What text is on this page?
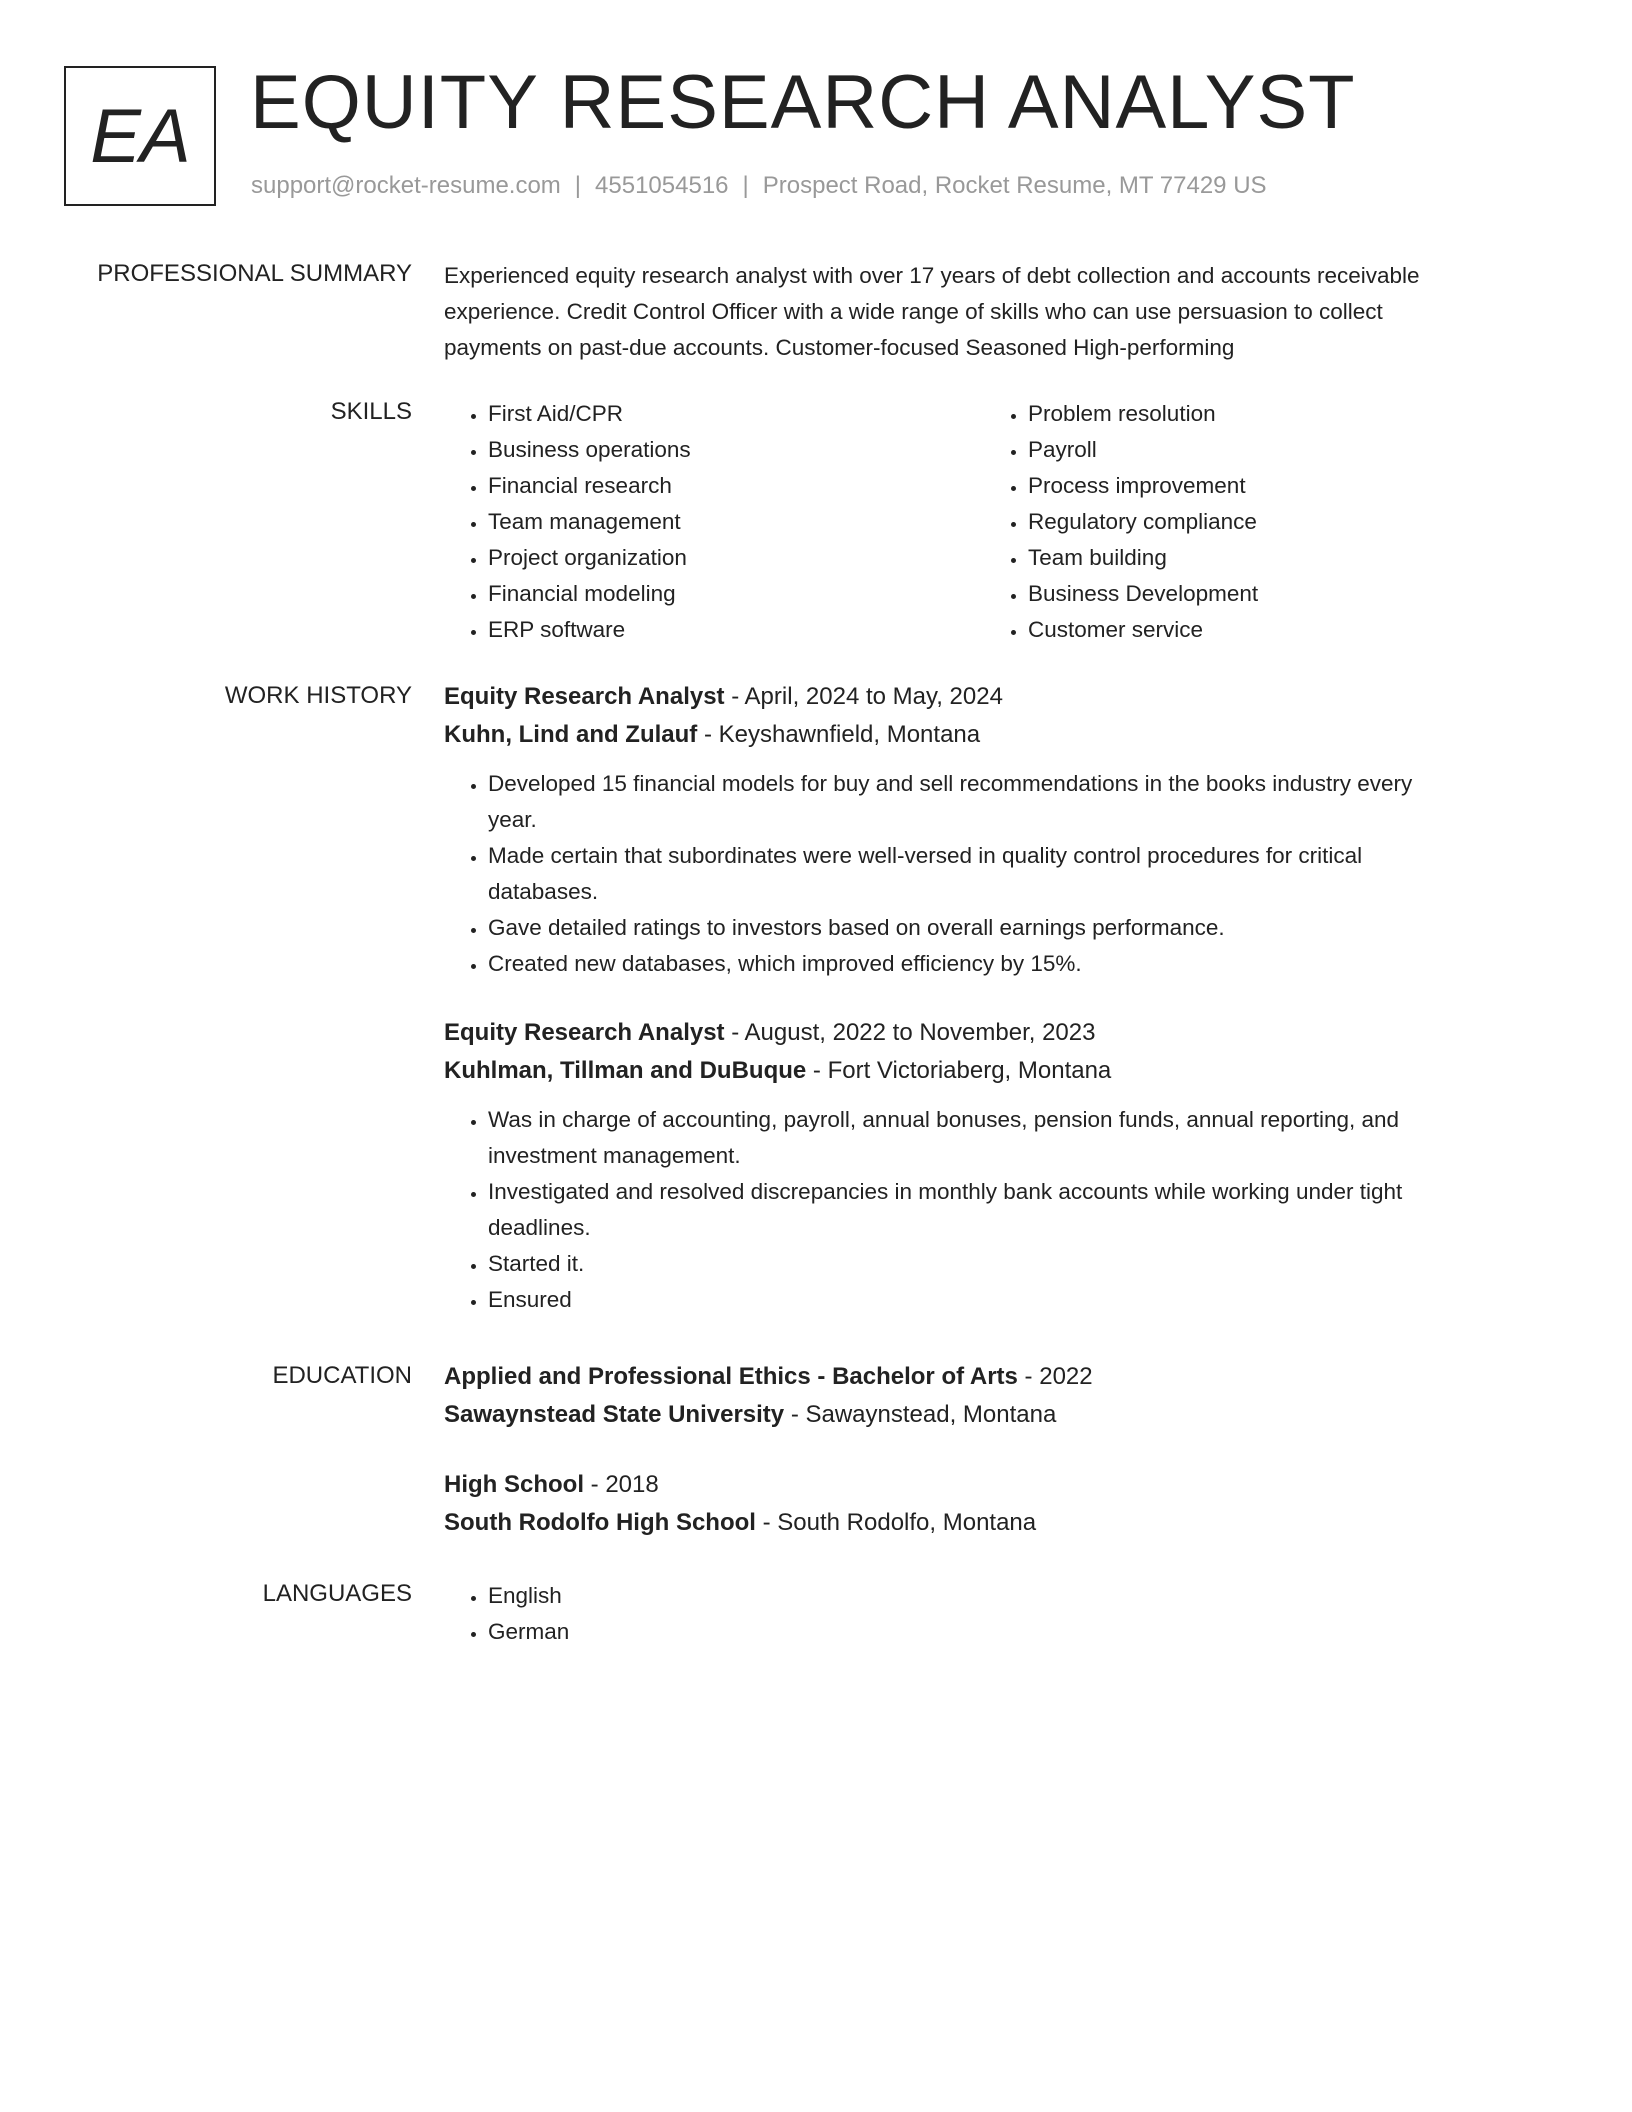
EA EQUITY RESEARCH ANALYST
support@rocket-resume.com | 4551054516 | Prospect Road, Rocket Resume, MT 77429 US
PROFESSIONAL SUMMARY Experienced equity research analyst with over 17 years of debt collection and accounts receivable
experience. Credit Control Officer with a wide range of skills who can use persuasion to collect
payments on past-due accounts. Customer-focused Seasoned High-performing

SKILLS	• First Aid/CPR
• Business operations
• Financial research
• Team management
• Project organization
• Financial modeling
• ERP software
• Problem resolution
• Payroll
• Process improvement
• Regulatory compliance
• Team building
• Business Development
• Customer service
WORK HISTORY Equity Research Analyst - April, 2024 to May, 2024
Kuhn, Lind and Zulauf - Keyshawnfield, Montana
• Developed 15 financial models for buy and sell recommendations in the books industry every
year.
• Made certain that subordinates were well-versed in quality control procedures for critical
databases.
• Gave detailed ratings to investors based on overall earnings performance.
• Created new databases, which improved efficiency by 15%.
Equity Research Analyst - August, 2022 to November, 2023
Kuhlman, Tillman and DuBuque - Fort Victoriaberg, Montana
• Was in charge of accounting, payroll, annual bonuses, pension funds, annual reporting, and
investment management.
• Investigated and resolved discrepancies in monthly bank accounts while working under tight
deadlines.
• Started it.
• Ensured
EDUCATION Applied and Professional Ethics - Bachelor of Arts - 2022
Sawaynstead State University - Sawaynstead, Montana
High School - 2018
South Rodolfo High School - South Rodolfo, Montana
LANGUAGES	• English
• German
